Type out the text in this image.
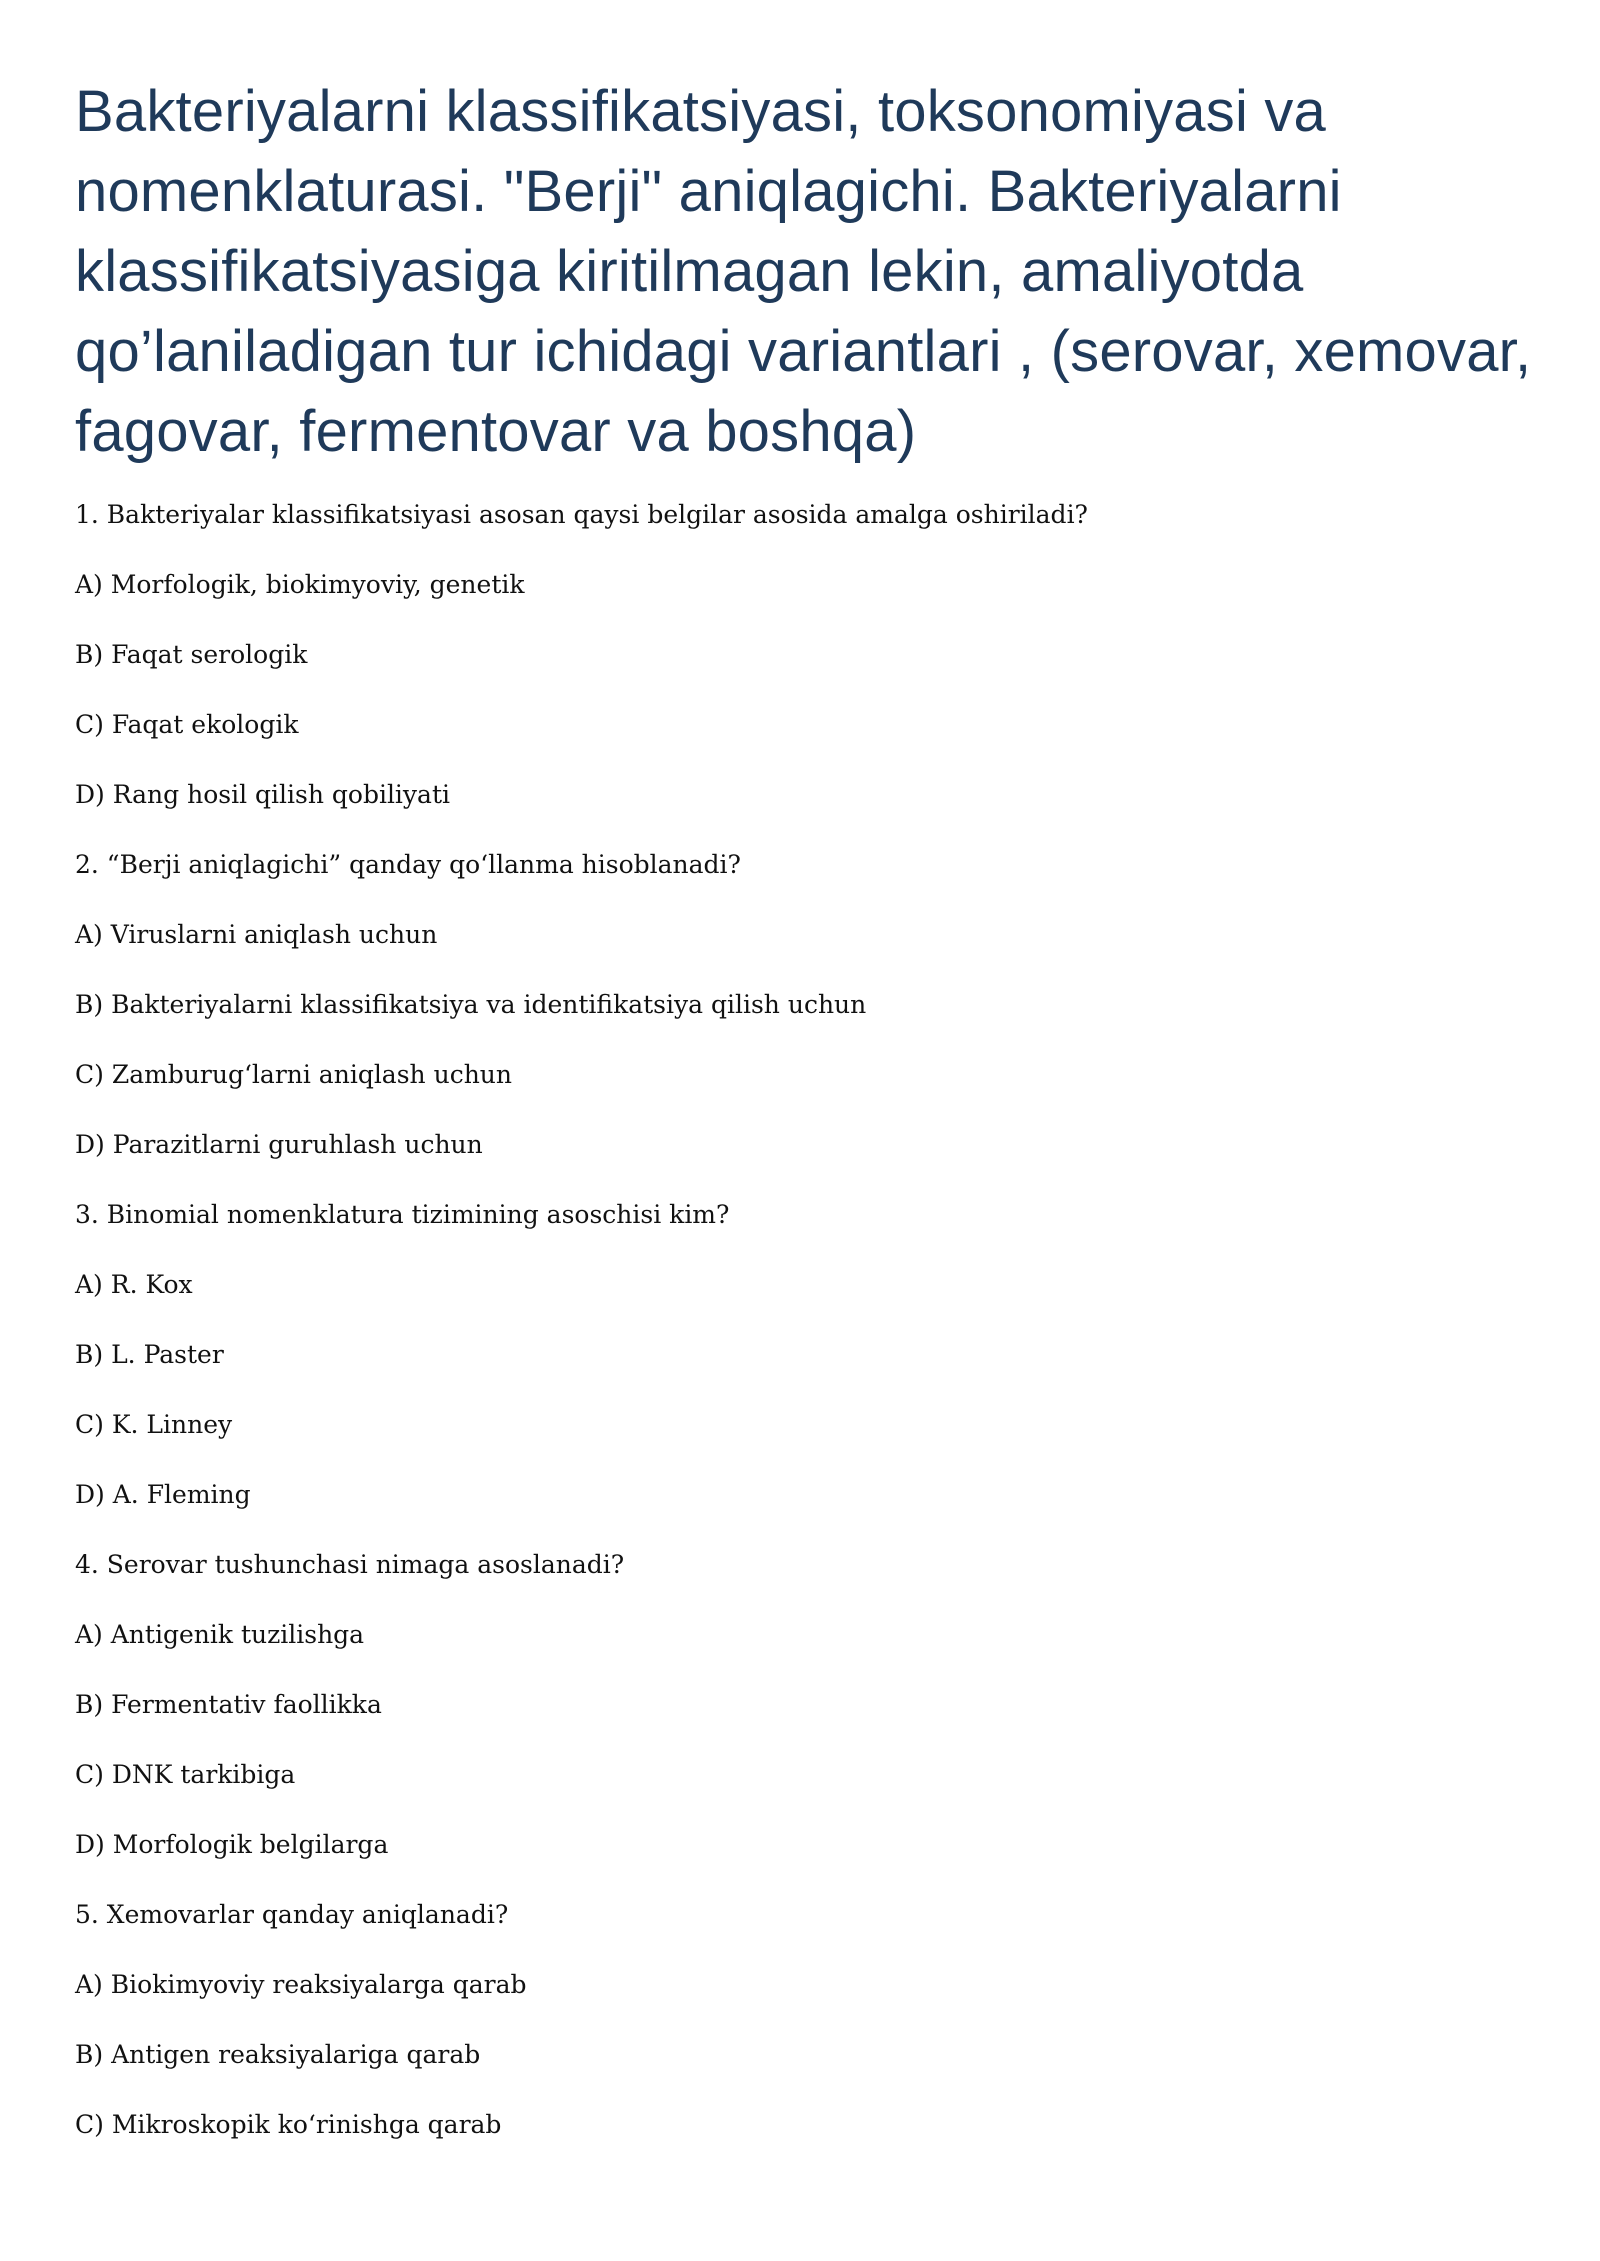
Bakteriyalarni klassifikatsiyasi, toksonomiyasi va nomenklaturasi. "Berji" aniqlagichi. Bakteriyalarni klassifikatsiyasiga kiritilmagan lekin, amaliyotda qo’laniladigan tur ichidagi variantlari , (serovar, xemovar, fagovar, fermentovar va boshqa)
1. Bakteriyalar klassifikatsiyasi asosan qaysi belgilar asosida amalga oshiriladi?
A) Morfologik, biokimyoviy, genetik
B) Faqat serologik
C) Faqat ekologik
D) Rang hosil qilish qobiliyati
2. “Berji aniqlagichi” qanday qo‘llanma hisoblanadi?
A) Viruslarni aniqlash uchun
B) Bakteriyalarni klassifikatsiya va identifikatsiya qilish uchun
C) Zamburug‘larni aniqlash uchun
D) Parazitlarni guruhlash uchun
3. Binomial nomenklatura tizimining asoschisi kim?
A) R. Kox
B) L. Paster
C) K. Linney
D) A. Fleming
4. Serovar tushunchasi nimaga asoslanadi?
A) Antigenik tuzilishga
B) Fermentativ faollikka
C) DNK tarkibiga
D) Morfologik belgilarga
5. Xemovarlar qanday aniqlanadi?
A) Biokimyoviy reaksiyalarga qarab
B) Antigen reaksiyalariga qarab
C) Mikroskopik ko‘rinishga qarab
